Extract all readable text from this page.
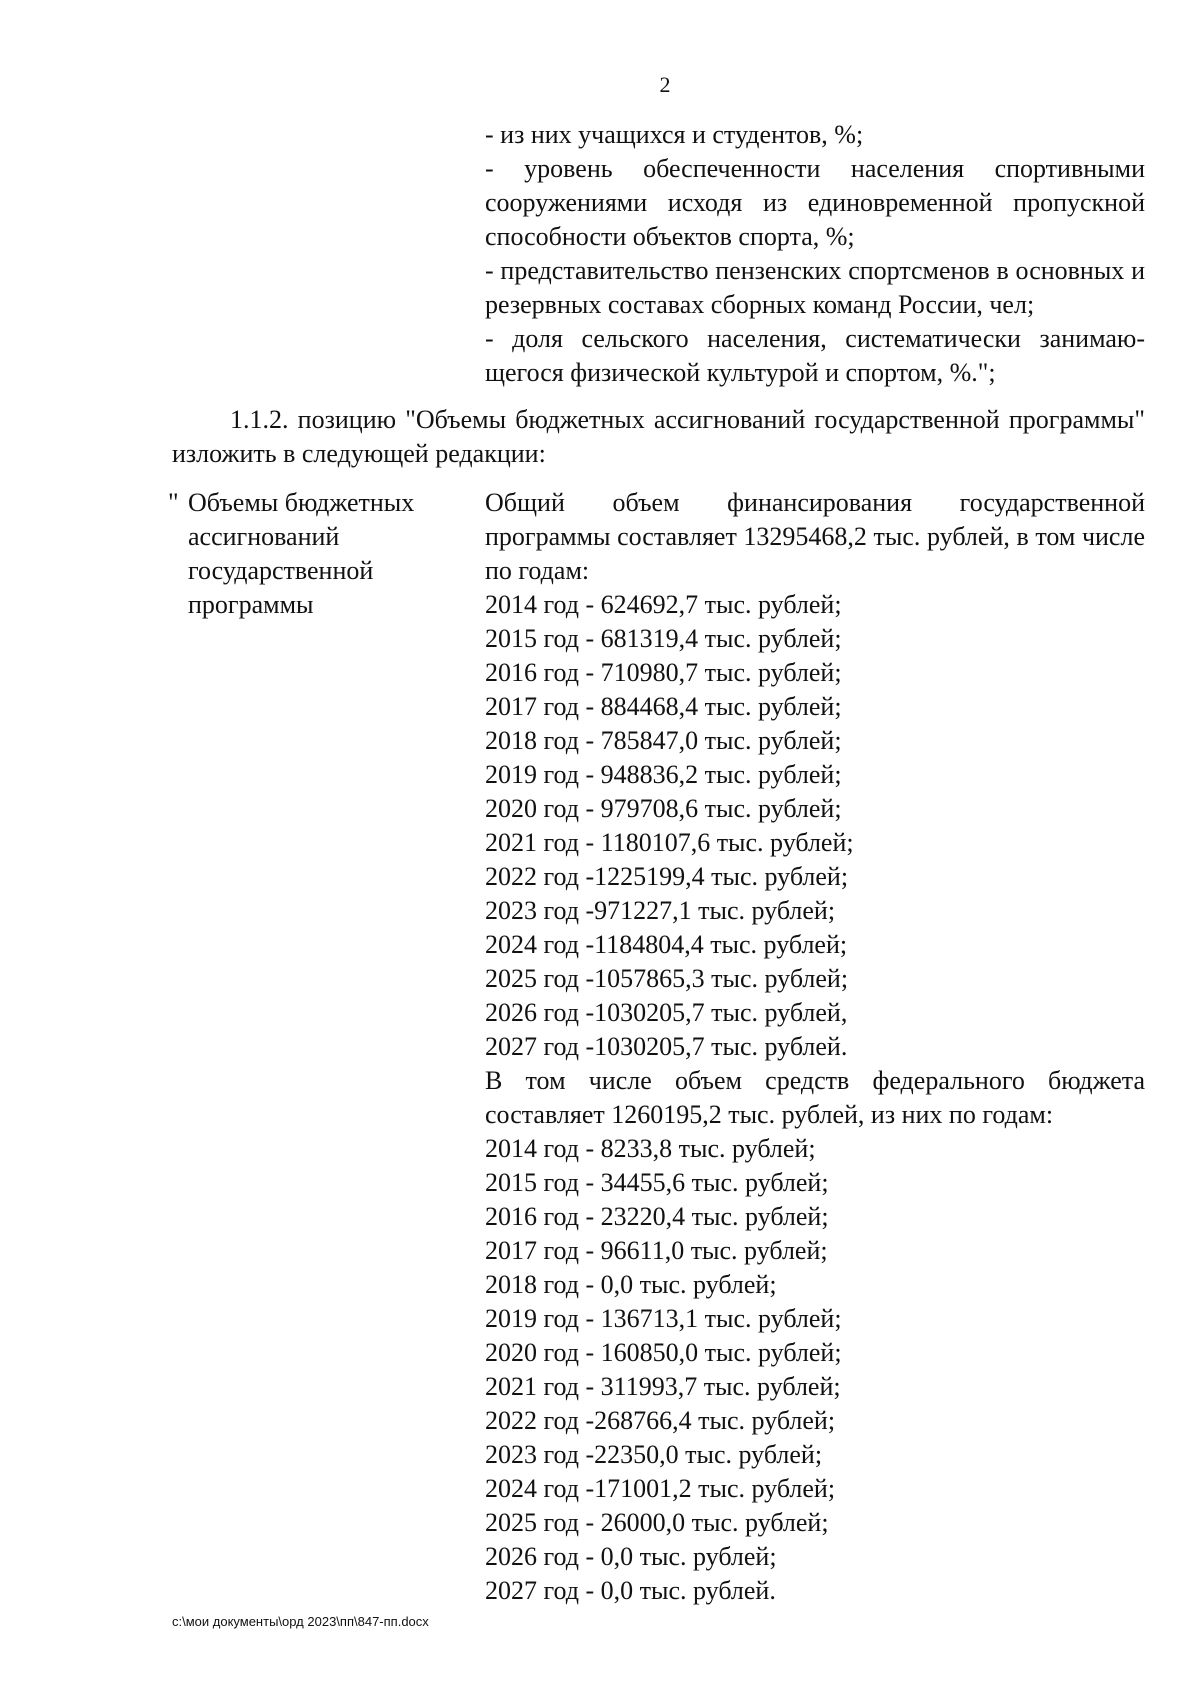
2

- из них учащихся и студентов, %;

- уровень обеспеченности населения спортивными сооружениями исходя из единовременной пропускной способности объектов спорта, %;

- представительство пензенских спортсменов в основных и резервных составах сборных команд России, чел;

- доля сельского населения, систематически занимаю-щегося физической культурой и спортом, %.";

1.1.2. позицию "Объемы бюджетных ассигнований государственной программы" изложить в следующей редакции:

" Объемы бюджетных
ассигнований
государственной
программы

Общий объем финансирования государственной программы составляет 13295468,2 тыс. рублей, в том числе по годам:

2014 год - 624692,7 тыс. рублей;
2015 год - 681319,4 тыс. рублей;
2016 год - 710980,7 тыс. рублей;
2017 год - 884468,4 тыс. рублей;
2018 год - 785847,0 тыс. рублей;
2019 год - 948836,2 тыс. рублей;
2020 год - 979708,6 тыс. рублей;
2021 год - 1180107,6 тыс. рублей;
2022 год -1225199,4 тыс. рублей;
2023 год -971227,1 тыс. рублей;
2024 год -1184804,4 тыс. рублей;
2025 год -1057865,3 тыс. рублей;
2026 год -1030205,7 тыс. рублей,
2027 год -1030205,7 тыс. рублей.

В том числе объем средств федерального бюджета составляет 1260195,2 тыс. рублей, из них по годам:

2014 год - 8233,8 тыс. рублей;
2015 год - 34455,6 тыс. рублей;
2016 год - 23220,4 тыс. рублей;
2017 год - 96611,0 тыс. рублей;
2018 год - 0,0 тыс. рублей;
2019 год - 136713,1 тыс. рублей;
2020 год - 160850,0 тыс. рублей;
2021 год - 311993,7 тыс. рублей;
2022 год -268766,4 тыс. рублей;
2023 год -22350,0 тыс. рублей;
2024 год -171001,2 тыс. рублей;
2025 год - 26000,0 тыс. рублей;
2026 год - 0,0 тыс. рублей;
2027 год - 0,0 тыс. рублей.
c:\мои документы\орд 2023\пп\847-пп.docx
